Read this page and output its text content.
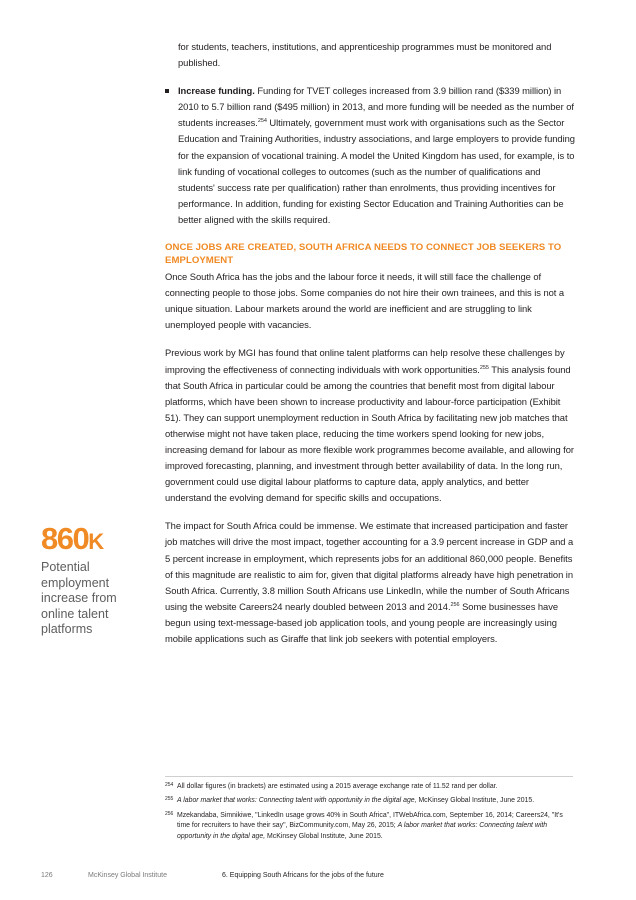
for students, teachers, institutions, and apprenticeship programmes must be monitored and published.

Increase funding. Funding for TVET colleges increased from 3.9 billion rand ($339 million) in 2010 to 5.7 billion rand ($495 million) in 2013, and more funding will be needed as the number of students increases.$^{254}$ Ultimately, government must work with organisations such as the Sector Education and Training Authorities, industry associations, and large employers to provide funding for the expansion of vocational training. A model the United Kingdom has used, for example, is to link funding of vocational colleges to outcomes (such as the number of qualifications and students' success rate per qualification) rather than enrolments, thus providing incentives for performance. In addition, funding for existing Sector Education and Training Authorities can be better aligned with the skills required.
ONCE JOBS ARE CREATED, SOUTH AFRICA NEEDS TO CONNECT JOB SEEKERS TO EMPLOYMENT

Once South Africa has the jobs and the labour force it needs, it will still face the challenge of connecting people to those jobs. Some companies do not hire their own trainees, and this is not a unique situation. Labour markets around the world are inefficient and are struggling to link unemployed people with vacancies.

Previous work by MGI has found that online talent platforms can help resolve these challenges by improving the effectiveness of connecting individuals with work opportunities.$^{255}$ This analysis found that South Africa in particular could be among the countries that benefit most from digital labour platforms, which have been shown to increase productivity and labour-force participation (Exhibit 51). They can support unemployment reduction in South Africa by facilitating new job matches that otherwise might not have taken place, reducing the time workers spend looking for new jobs, increasing demand for labour as more flexible work programmes become available, and allowing for improved forecasting, planning, and investment through better availability of data. In the long run, government could use digital labour platforms to capture data, apply analytics, and better understand the evolving demand for specific skills and occupations.

The impact for South Africa could be immense. We estimate that increased participation and faster job matches will drive the most impact, together accounting for a 3.9 percent increase in GDP and a 5 percent increase in employment, which represents jobs for an additional 860,000 people. Benefits of this magnitude are realistic to aim for, given that digital platforms already have high penetration in South Africa. Currently, 3.8 million South Africans use LinkedIn, while the number of South Africans using the website Careers24 nearly doubled between 2013 and 2014.$^{256}$ Some businesses have begun using text-message-based job application tools, and young people are increasingly using mobile applications such as Giraffe that link job seekers with potential employers.

860K
Potential employment increase from online talent platforms
254 All dollar figures (in brackets) are estimated using a 2015 average exchange rate of 11.52 rand per dollar.
255 A labor market that works: Connecting talent with opportunity in the digital age, McKinsey Global Institute, June 2015.
256 Mzekandaba, Simnikiwe, "LinkedIn usage grows 40% in South Africa", ITWebAfrica.com, September 16, 2014; Careers24, "It's time for recruiters to have their say", BizCommunity.com, May 26, 2015; A labor market that works: Connecting talent with opportunity in the digital age, McKinsey Global Institute, June 2015.
126	McKinsey Global Institute	6. Equipping South Africans for the jobs of the future
